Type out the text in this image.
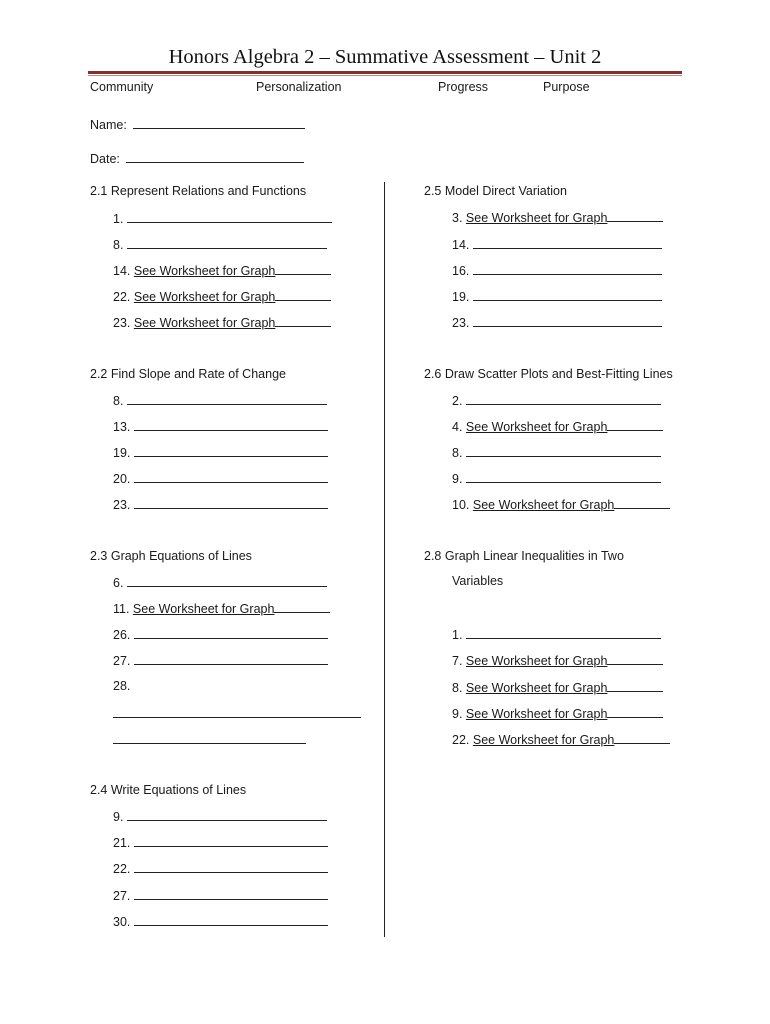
Honors Algebra 2 – Summative Assessment – Unit 2
Community	Personalization	Progress	Purpose
Name:
Date:
2.1 Represent Relations and Functions
1.
8.
14. See Worksheet for Graph
22. See Worksheet for Graph
23. See Worksheet for Graph
2.2 Find Slope and Rate of Change
8.
13.
19.
20.
23.
2.3 Graph Equations of Lines
6.
11. See Worksheet for Graph
26.
27.
28.
2.4 Write Equations of Lines
9.
21.
22.
27.
30.
2.5 Model Direct Variation
3. See Worksheet for Graph
14.
16.
19.
23.
2.6 Draw Scatter Plots and Best-Fitting Lines
2.
4. See Worksheet for Graph
8.
9.
10. See Worksheet for Graph
2.8 Graph Linear Inequalities in Two
Variables
1.
7. See Worksheet for Graph
8. See Worksheet for Graph
9. See Worksheet for Graph
22. See Worksheet for Graph
